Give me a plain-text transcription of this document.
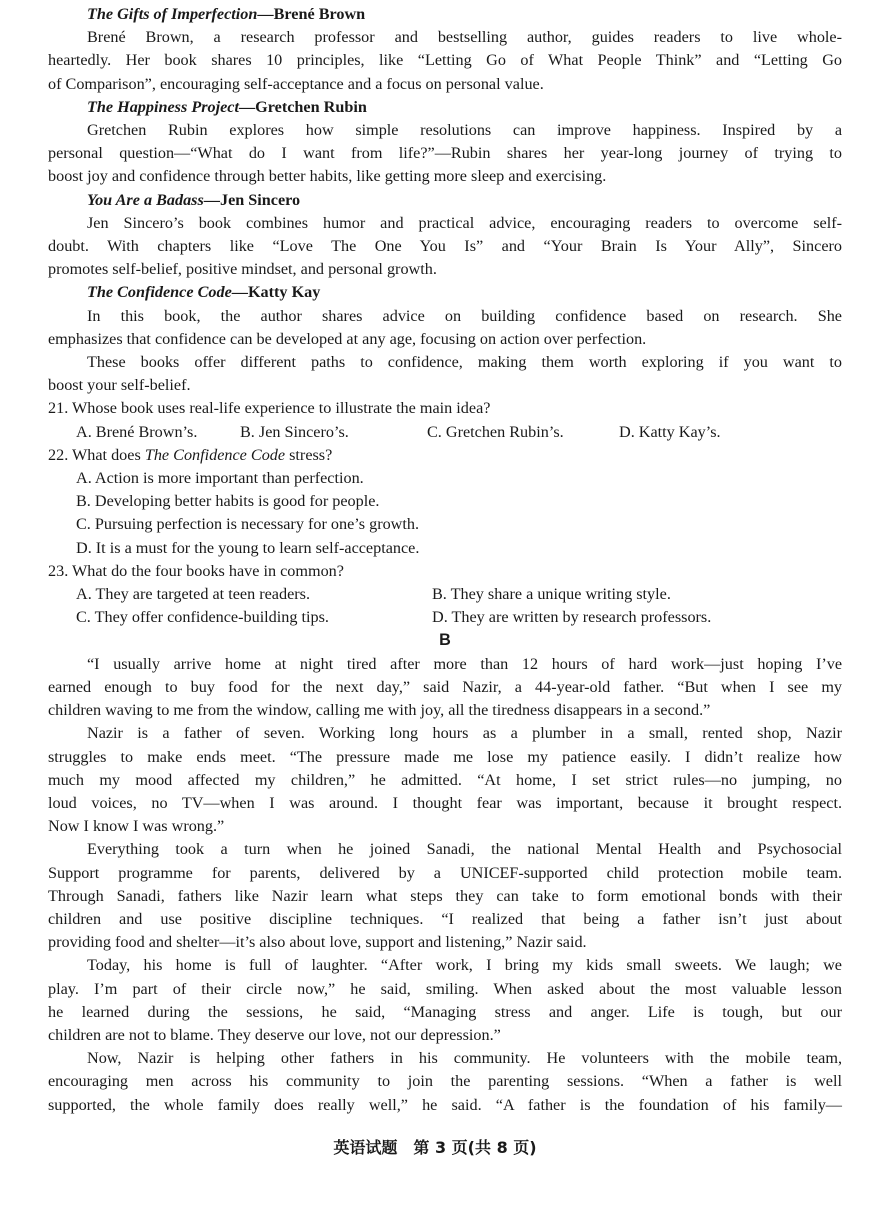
The Gifts of Imperfection—Brené Brown
Brené Brown, a research professor and bestselling author, guides readers to live whole-
heartedly. Her book shares 10 principles, like “Letting Go of What People Think” and “Letting Go
of Comparison”, encouraging self-acceptance and a focus on personal value.
The Happiness Project—Gretchen Rubin
Gretchen Rubin explores how simple resolutions can improve happiness. Inspired by a
personal question—“What do I want from life?”—Rubin shares her year-long journey of trying to
boost joy and confidence through better habits, like getting more sleep and exercising.
You Are a Badass—Jen Sincero
Jen Sincero’s book combines humor and practical advice, encouraging readers to overcome self-
doubt. With chapters like “Love The One You Is” and “Your Brain Is Your Ally”, Sincero
promotes self-belief, positive mindset, and personal growth.
The Confidence Code—Katty Kay
In this book, the author shares advice on building confidence based on research. She
emphasizes that confidence can be developed at any age, focusing on action over perfection.
These books offer different paths to confidence, making them worth exploring if you want to
boost your self-belief.
21. Whose book uses real-life experience to illustrate the main idea?
A. Brené Brown’s.	B. Jen Sincero’s.	C. Gretchen Rubin’s.	D. Katty Kay’s.
22. What does The Confidence Code stress?
A. Action is more important than perfection.
B. Developing better habits is good for people.
C. Pursuing perfection is necessary for one’s growth.
D. It is a must for the young to learn self-acceptance.
23. What do the four books have in common?
A. They are targeted at teen readers.	B. They share a unique writing style.
C. They offer confidence-building tips.	D. They are written by research professors.
B
“I usually arrive home at night tired after more than 12 hours of hard work—just hoping I’ve
earned enough to buy food for the next day,” said Nazir, a 44-year-old father. “But when I see my
children waving to me from the window, calling me with joy, all the tiredness disappears in a second.”
Nazir is a father of seven. Working long hours as a plumber in a small, rented shop, Nazir
struggles to make ends meet. “The pressure made me lose my patience easily. I didn’t realize how
much my mood affected my children,” he admitted. “At home, I set strict rules—no jumping, no
loud voices, no TV—when I was around. I thought fear was important, because it brought respect.
Now I know I was wrong.”
Everything took a turn when he joined Sanadi, the national Mental Health and Psychosocial
Support programme for parents, delivered by a UNICEF-supported child protection mobile team.
Through Sanadi, fathers like Nazir learn what steps they can take to form emotional bonds with their
children and use positive discipline techniques. “I realized that being a father isn’t just about
providing food and shelter—it’s also about love, support and listening,” Nazir said.
Today, his home is full of laughter. “After work, I bring my kids small sweets. We laugh; we
play. I’m part of their circle now,” he said, smiling. When asked about the most valuable lesson
he learned during the sessions, he said, “Managing stress and anger. Life is tough, but our
children are not to blame. They deserve our love, not our depression.”
Now, Nazir is helping other fathers in his community. He volunteers with the mobile team,
encouraging men across his community to join the parenting sessions. “When a father is well
supported, the whole family does really well,” he said. “A father is the foundation of his family—
英语试题　第 3 页(共 8 页)
